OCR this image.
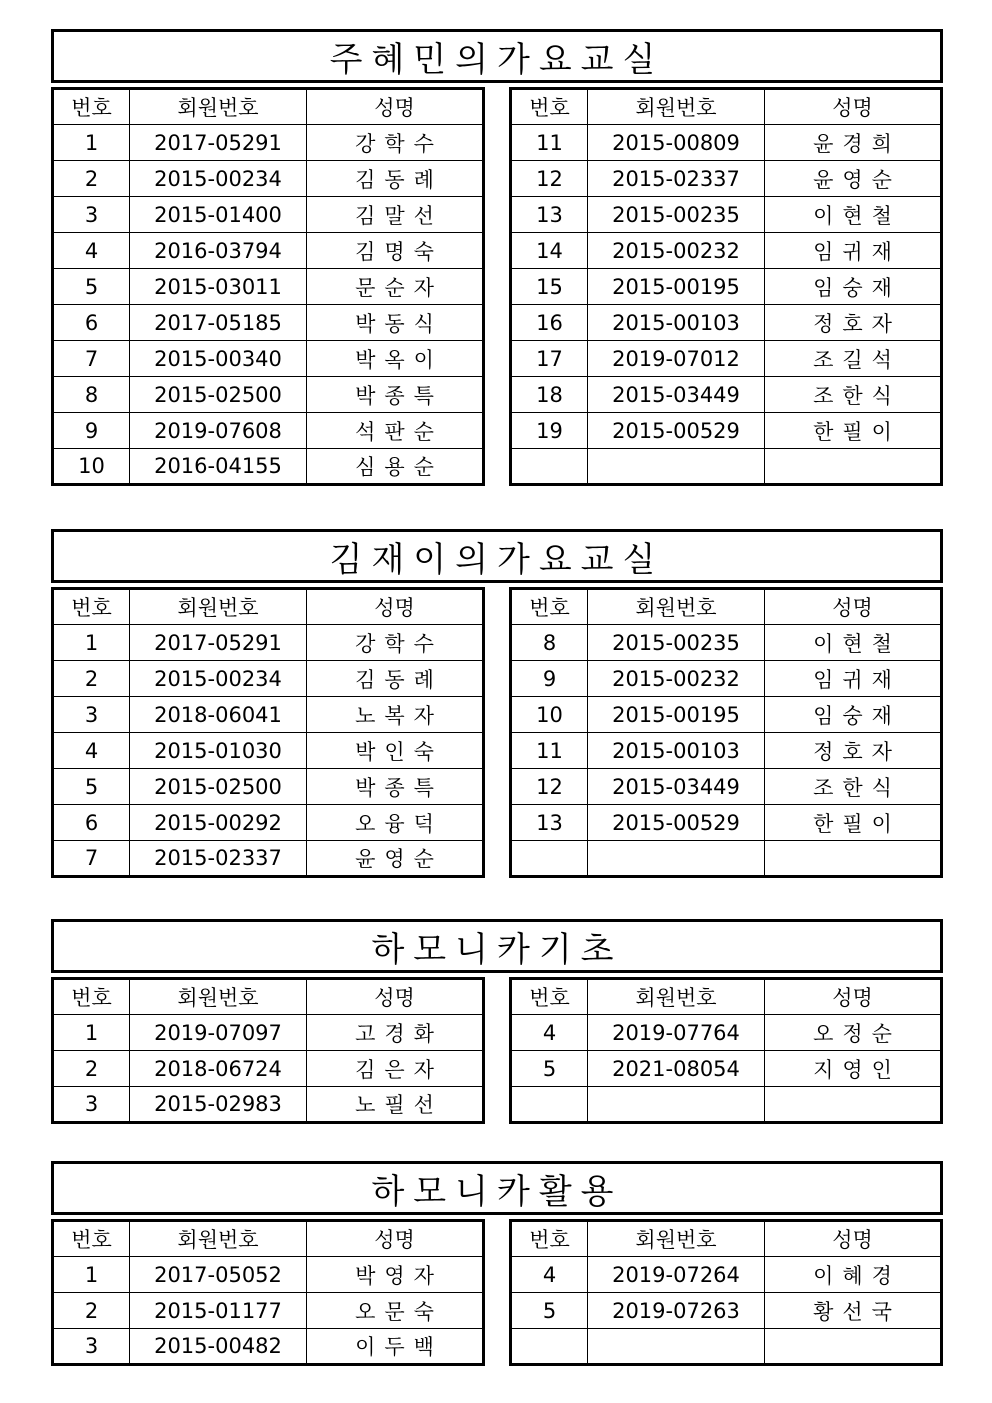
주혜민의가요교실
번호	회원번호	성명
1	2017-05291	강학수
2	2015-00234	김동례
3	2015-01400	김말선
4	2016-03794	김명숙
5	2015-03011	문순자
6	2017-05185	박동식
7	2015-00340	박옥이
8	2015-02500	박종특
9	2019-07608	석판순
10	2016-04155	심용순
번호	회원번호	성명
11	2015-00809	윤경희
12	2015-02337	윤영순
13	2015-00235	이현철
14	2015-00232	임귀재
15	2015-00195	임숭재
16	2015-00103	정호자
17	2019-07012	조길석
18	2015-03449	조한식
19	2015-00529	한필이

김재이의가요교실
번호	회원번호	성명
1	2017-05291	강학수
2	2015-00234	김동례
3	2018-06041	노복자
4	2015-01030	박인숙
5	2015-02500	박종특
6	2015-00292	오융덕
7	2015-02337	윤영순
번호	회원번호	성명
8	2015-00235	이현철
9	2015-00232	임귀재
10	2015-00195	임숭재
11	2015-00103	정호자
12	2015-03449	조한식
13	2015-00529	한필이

하모니카기초
번호	회원번호	성명
1	2019-07097	고경화
2	2018-06724	김은자
3	2015-02983	노필선
번호	회원번호	성명
4	2019-07764	오정순
5	2021-08054	지영인

하모니카활용
번호	회원번호	성명
1	2017-05052	박영자
2	2015-01177	오문숙
3	2015-00482	이두백
번호	회원번호	성명
4	2019-07264	이혜경
5	2019-07263	황선국
